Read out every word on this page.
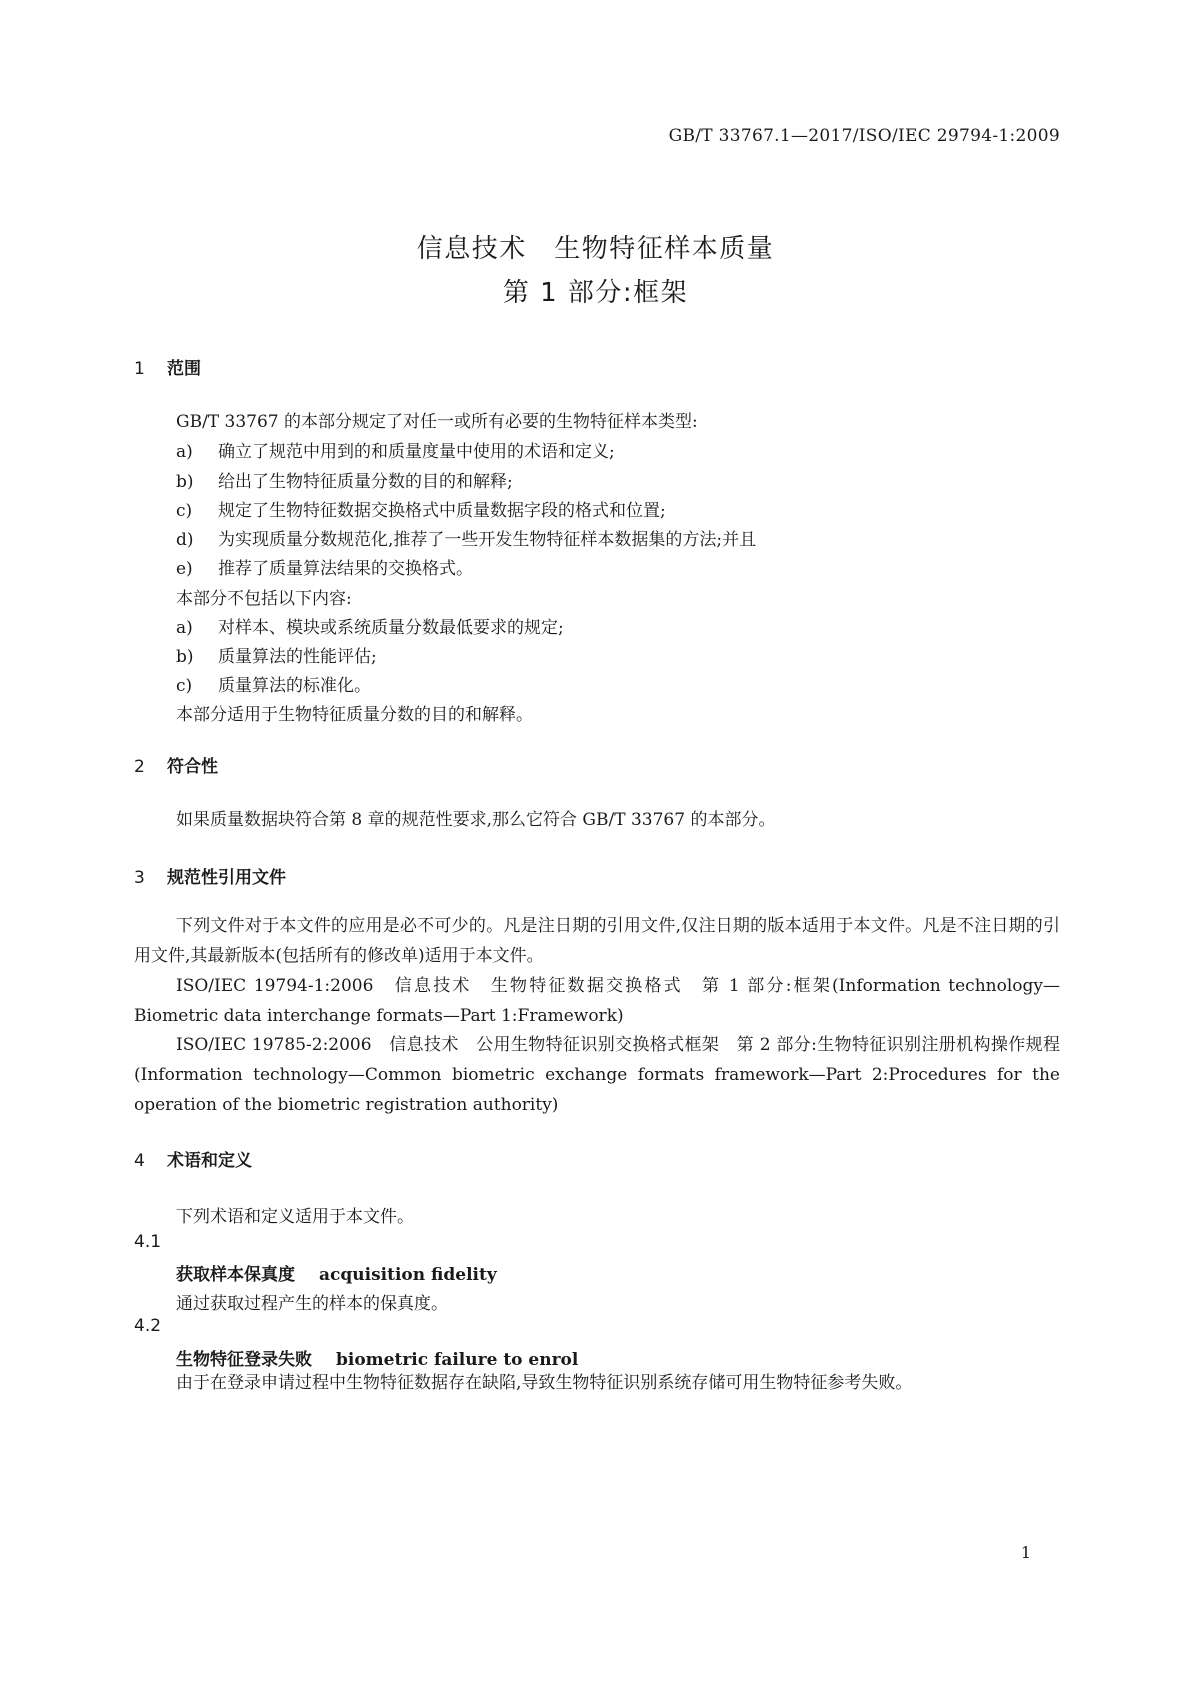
GB/T 33767.1—2017/ISO/IEC 29794-1:2009
信息技术　生物特征样本质量
第 1 部分:框架
1 范围
GB/T 33767 的本部分规定了对任一或所有必要的生物特征样本类型:
a) 确立了规范中用到的和质量度量中使用的术语和定义;
b) 给出了生物特征质量分数的目的和解释;
c) 规定了生物特征数据交换格式中质量数据字段的格式和位置;
d) 为实现质量分数规范化,推荐了一些开发生物特征样本数据集的方法;并且
e) 推荐了质量算法结果的交换格式。
本部分不包括以下内容:
a) 对样本、模块或系统质量分数最低要求的规定;
b) 质量算法的性能评估;
c) 质量算法的标准化。
本部分适用于生物特征质量分数的目的和解释。
2 符合性
如果质量数据块符合第 8 章的规范性要求,那么它符合 GB/T 33767 的本部分。
3 规范性引用文件
下列文件对于本文件的应用是必不可少的。凡是注日期的引用文件,仅注日期的版本适用于本文件。凡是不注日期的引用文件,其最新版本(包括所有的修改单)适用于本文件。
ISO/IEC 19794-1:2006　信息技术　生物特征数据交换格式　第 1 部分:框架(Information technology—Biometric data interchange formats—Part 1:Framework)
ISO/IEC 19785-2:2006　信息技术　公用生物特征识别交换格式框架　第 2 部分:生物特征识别注册机构操作规程(Information technology—Common biometric exchange formats framework—Part 2:Procedures for the operation of the biometric registration authority)
4 术语和定义
下列术语和定义适用于本文件。
4.1
获取样本保真度 acquisition fidelity
通过获取过程产生的样本的保真度。
4.2
生物特征登录失败 biometric failure to enrol
由于在登录申请过程中生物特征数据存在缺陷,导致生物特征识别系统存储可用生物特征参考失败。
1
